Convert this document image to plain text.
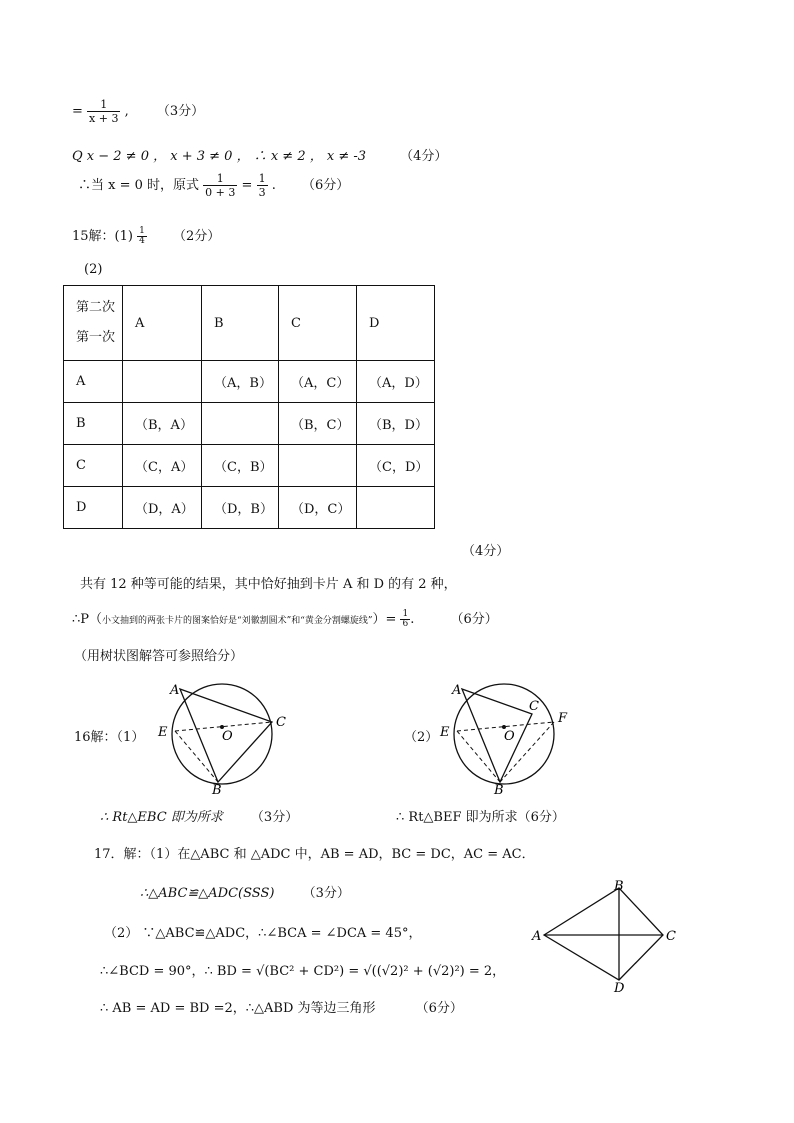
= $\frac{1}{x + 3}$ , （3分）
Q x − 2 ≠ 0 ， x + 3 ≠ 0 ， ∴ x ≠ 2 ， x ≠ -3	（4分）
∴当 x = 0 时，原式 $\frac{1}{0 + 3} = \frac{1}{3}$ . （6分）
15解：$(1) \frac{1}{4} (2$分）
(2)
第二次
第一次	A	B	C	D
A		（A，B）	（A，C）	（A，D）
B	（B，A）		（B，C）	（B，D）
C	（C，A）	（C，B）		（C，D）
D	（D，A）	（D，B）	（D，C）	
（4分）
共有 12 种等可能的结果，其中恰好抽到卡片 A 和 D 的有 2 种，
∴P（小文抽到的两张卡片的图案恰好是“刘徽割圆术”和“黄金分割螺旋线”）= $\frac{1}{6}$ .	（6分）
（用树状图解答可参照给分）
16解：（1）	（2）
A
C
E	O
B
A
C
F
E	O
B
∴ Rt△EBC 即为所求 （3分）	∴ Rt△BEF 即为所求（6分）
17．解：（1）在△ABC 和 △ADC 中，AB = AD，BC = DC，AC = AC．
∴△ABC≌△ADC(SSS) （3分）
（2） ∵△ABC≌△ADC，∴∠BCA = ∠DCA = 45°，
∴∠BCD = 90°，∴ BD = √(BC² + CD²) = √((√2)² + (√2)²) = 2，
∴ AB = AD = BD =2，∴△ABD 为等边三角形	（6分）
A
B
C
D
